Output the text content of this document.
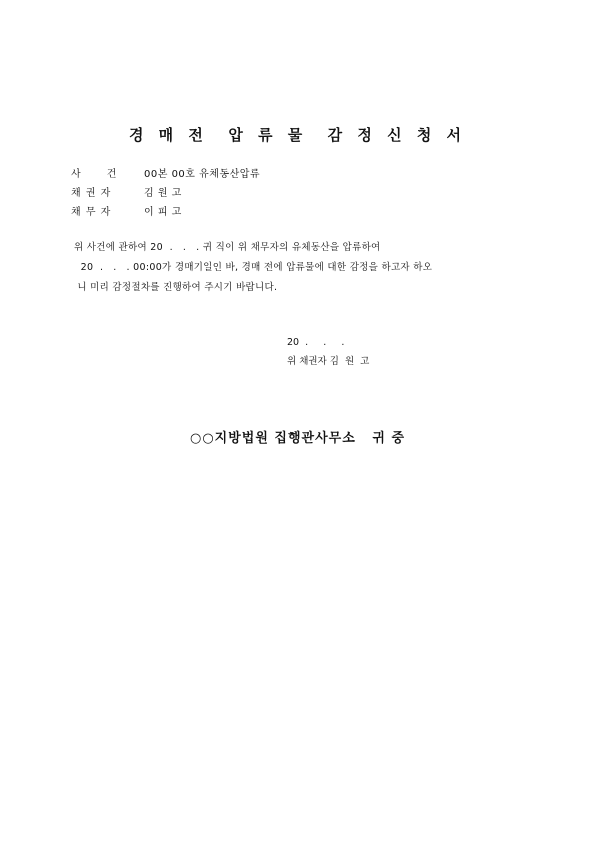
경 매 전  압 류 물  감 정 신 청 서
사      건	00본 00호 유체동산압류
채 권 자	김 원 고
채 무 자	이 피 고
위 사건에 관하여 20  .   .   . 귀 직이 위 채무자의 유체동산을 압류하여
20  .   .   . 00:00가 경매기일인 바, 경매 전에 압류물에 대한 감정을 하고자 하오
니 미리 감정절차를 진행하여 주시기 바랍니다.
20  .     .     .
위 채권자 김  원  고
○○지방법원 집행관사무소   귀 중
